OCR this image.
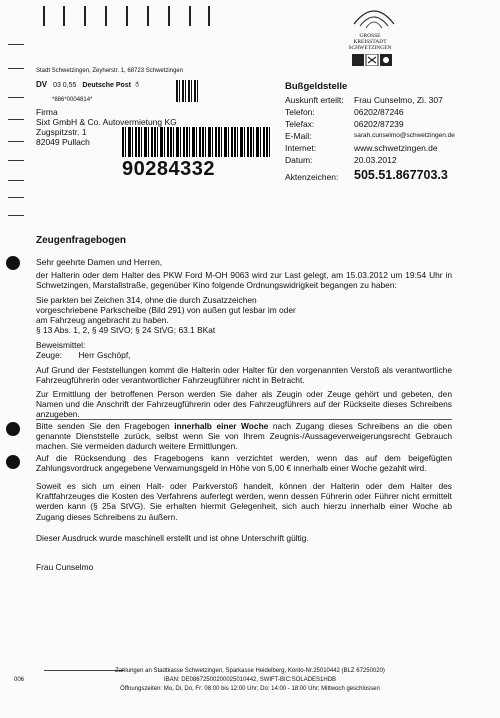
Stadt Schwetzingen, Zeyherstr. 1, 68723 Schwetzingen
DV 03 0,55 Deutsche Post ♁
*886*0004814*
Firma
Sixt GmbH & Co. Autovermietung KG
Zugspitzstr. 1
82049 Pullach
90284332
GROSSE
KREISSTADT
SCHWETZINGEN
Bußgeldstelle
Auskunft erteilt: Frau Cunselmo, Zi. 307
Telefon:	06202/87246
Telefax:	06202/87239
E-Mail:	sarah.cunselmo@schwetzingen.de
Internet:	www.schwetzingen.de
Datum:	20.03.2012
Aktenzeichen: 505.51.867703.3
Zeugenfragebogen
Sehr geehrte Damen und Herren,
der Halterin oder dem Halter des PKW Ford M-OH 9063 wird zur Last gelegt, am 15.03.2012 um 19:54 Uhr in Schwetzingen, Marstallstraße, gegenüber Kino folgende Ordnungswidrigkeit begangen zu haben:
Sie parkten bei Zeichen 314, ohne die durch Zusatzzeichen vorgeschriebene Parkscheibe (Bild 291) von außen gut lesbar im oder am Fahrzeug angebracht zu haben.
§ 13 Abs. 1, 2, § 49 StVO; § 24 StVG; 63.1 BKat
Beweismittel:
Zeuge:       Herr Gschöpf,
Auf Grund der Feststellungen kommt die Halterin oder Halter für den vorgenannten Verstoß als verantwortliche Fahrzeugführerin oder verantwortlicher Fahrzeugführer nicht in Betracht.
Zur Ermittlung der betroffenen Person werden Sie daher als Zeugin oder Zeuge gehört und gebeten, den Namen und die Anschrift der Fahrzeugführerin oder des Fahrzeugführers auf der Rückseite dieses Schreibens anzugeben.
Bitte senden Sie den Fragebogen innerhalb einer Woche nach Zugang dieses Schreibens an die oben genannte Dienststelle zurück, selbst wenn Sie von Ihrem Zeugnis-/Aussageverweigerungsrecht Gebrauch machen. Sie vermeiden dadurch weitere Ermittlungen.
Auf die Rücksendung des Fragebogens kann verzichtet werden, wenn das auf dem beigefügten Zahlungsvordruck angegebene Verwarnungsgeld in Höhe von 5,00 € innerhalb einer Woche gezahlt wird.
Soweit es sich um einen Halt- oder Parkverstoß handelt, können der Halterin oder dem Halter des Kraftfahrzeuges die Kosten des Verfahrens auferlegt werden, wenn dessen Führerin oder Führer nicht ermittelt werden kann (§ 25a StVG). Sie erhalten hiermit Gelegenheit, sich auch hierzu innerhalb einer Woche ab Zugang dieses Schreibens zu äußern.
Dieser Ausdruck wurde maschinell erstellt und ist ohne Unterschrift gültig.
Frau Cunselmo
006
Zahlungen an Stadtkasse Schwetzingen, Sparkasse Heidelberg, Konto-Nr.25010442 (BLZ 67250020)
IBAN: DE08672500200025010442, SWIFT-BIC:SOLADES1HDB
Öffnungszeiten: Mo, Di, Do, Fr: 08:00 bis 12:00 Uhr; Do: 14:00 - 18:00 Uhr; Mittwoch geschlossen
